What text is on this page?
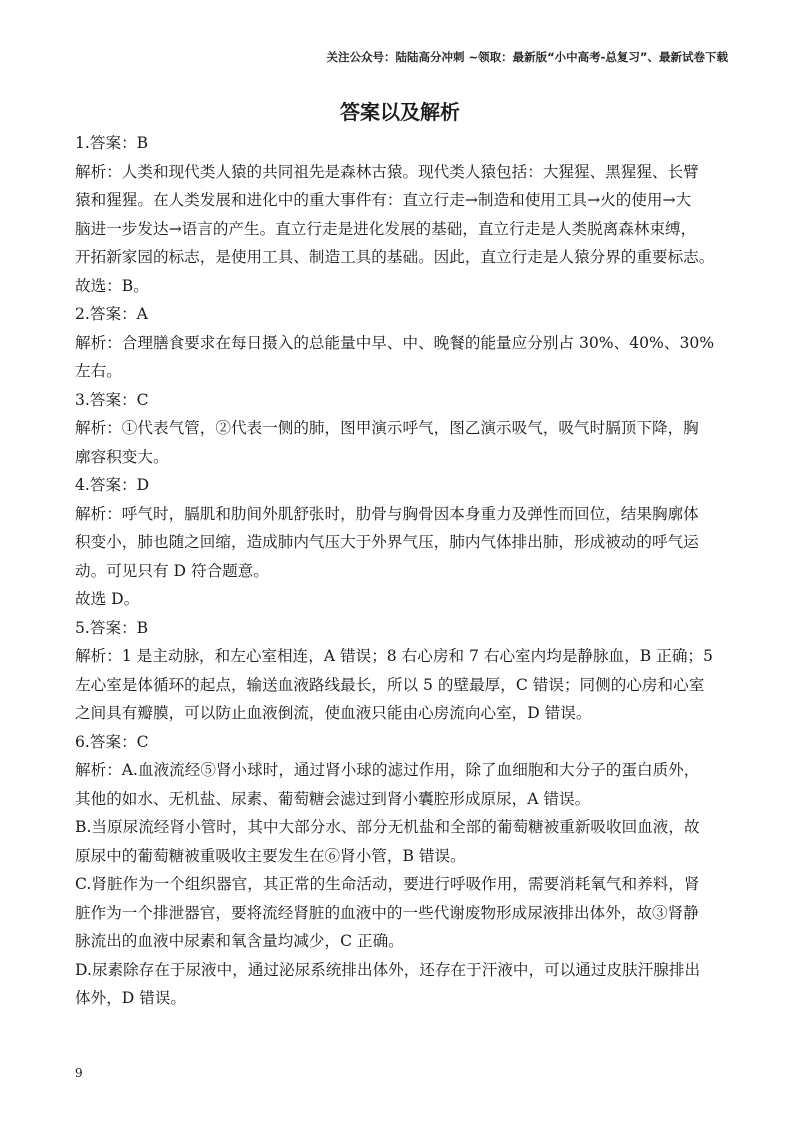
关注公众号：陆陆高分冲刺 ~领取：最新版“小中高考-总复习”、最新试卷下载
答案以及解析
1.答案：B
解析：人类和现代类人猿的共同祖先是森林古猿。现代类人猿包括：大猩猩、黑猩猩、长臂
猿和猩猩。在人类发展和进化中的重大事件有：直立行走→制造和使用工具→火的使用→大
脑进一步发达→语言的产生。直立行走是进化发展的基础，直立行走是人类脱离森林束缚，
开拓新家园的标志，是使用工具、制造工具的基础。因此，直立行走是人猿分界的重要标志。
故选：B。
2.答案：A
解析：合理膳食要求在每日摄入的总能量中早、中、晚餐的能量应分别占 30%、40%、30%
左右。
3.答案：C
解析：①代表气管，②代表一侧的肺，图甲演示呼气，图乙演示吸气，吸气时膈顶下降，胸
廓容积变大。
4.答案：D
解析：呼气时，膈肌和肋间外肌舒张时，肋骨与胸骨因本身重力及弹性而回位，结果胸廓体
积变小，肺也随之回缩，造成肺内气压大于外界气压，肺内气体排出肺，形成被动的呼气运
动。可见只有 D 符合题意。
故选 D。
5.答案：B
解析：1 是主动脉，和左心室相连，A 错误；8 右心房和 7 右心室内均是静脉血，B 正确；5
左心室是体循环的起点，输送血液路线最长，所以 5 的壁最厚，C 错误；同侧的心房和心室
之间具有瓣膜，可以防止血液倒流，使血液只能由心房流向心室，D 错误。
6.答案：C
解析：A.血液流经⑤肾小球时，通过肾小球的滤过作用，除了血细胞和大分子的蛋白质外，
其他的如水、无机盐、尿素、葡萄糖会滤过到肾小囊腔形成原尿，A 错误。
B.当原尿流经肾小管时，其中大部分水、部分无机盐和全部的葡萄糖被重新吸收回血液，故
原尿中的葡萄糖被重吸收主要发生在⑥肾小管，B 错误。
C.肾脏作为一个组织器官，其正常的生命活动，要进行呼吸作用，需要消耗氧气和养料，肾
脏作为一个排泄器官，要将流经肾脏的血液中的一些代谢废物形成尿液排出体外，故③肾静
脉流出的血液中尿素和氧含量均减少，C 正确。
D.尿素除存在于尿液中，通过泌尿系统排出体外，还存在于汗液中，可以通过皮肤汗腺排出
体外，D 错误。
9
